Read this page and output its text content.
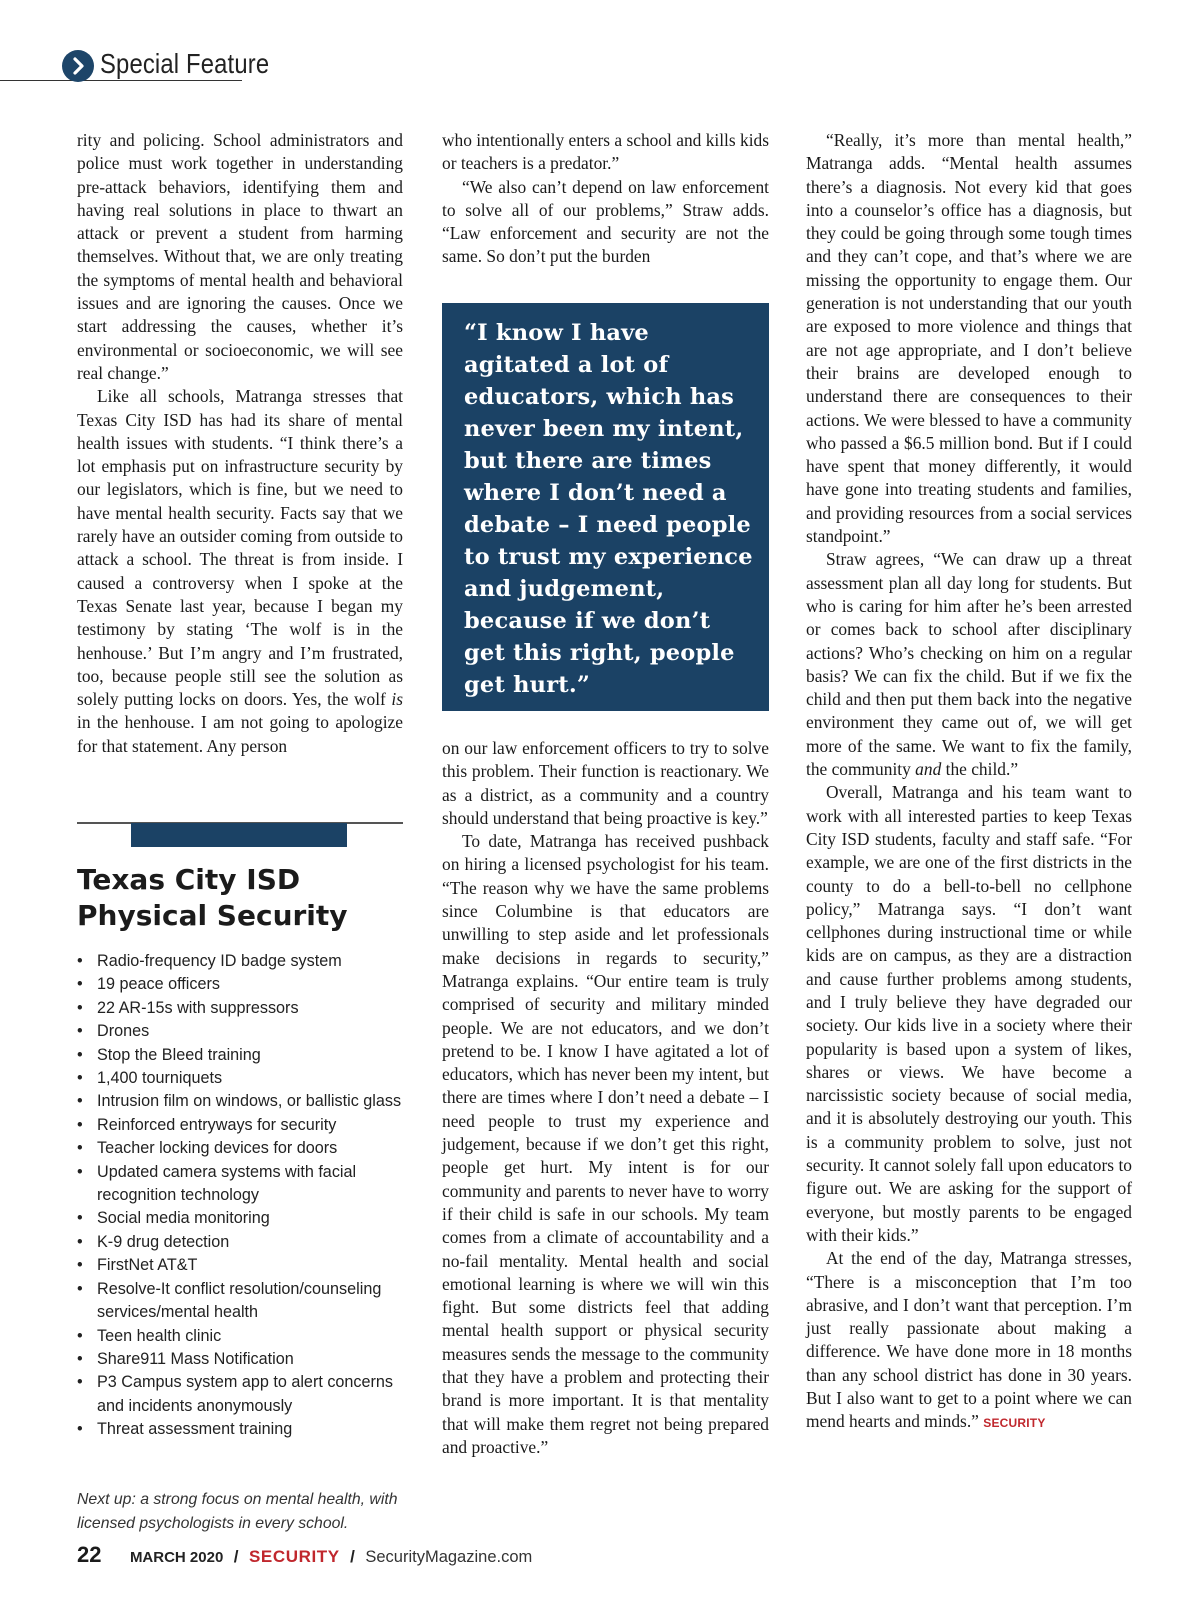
Special Feature

rity and policing. School administrators and police must work together in understanding pre-attack behaviors, identifying them and having real solutions in place to thwart an attack or prevent a student from harming themselves. Without that, we are only treating the symptoms of mental health and behavioral issues and are ignoring the causes. Once we start addressing the causes, whether it’s environmental or socioeconomic, we will see real change.”

Like all schools, Matranga stresses that Texas City ISD has had its share of mental health issues with students. “I think there’s a lot emphasis put on infrastructure security by our legislators, which is fine, but we need to have mental health security. Facts say that we rarely have an outsider coming from outside to attack a school. The threat is from inside. I caused a controversy when I spoke at the Texas Senate last year, because I began my testimony by stating ‘The wolf is in the henhouse.’ But I’m angry and I’m frustrated, too, because people still see the solution as solely putting locks on doors. Yes, the wolf is in the henhouse. I am not going to apologize for that statement. Any person

who intentionally enters a school and kills kids or teachers is a predator.”

“We also can’t depend on law enforcement to solve all of our problems,” Straw adds. “Law enforcement and security are not the same. So don’t put the burden

“I know I have agitated a lot of educators, which has never been my intent, but there are times where I don’t need a debate – I need people to trust my experience and judgement, because if we don’t get this right, people get hurt.”

on our law enforcement officers to try to solve this problem. Their function is reactionary. We as a district, as a community and a country should understand that being proactive is key.”

To date, Matranga has received pushback on hiring a licensed psychologist for his team. “The reason why we have the same problems since Columbine is that educators are unwilling to step aside and let professionals make decisions in regards to security,” Matranga explains. “Our entire team is truly comprised of security and military minded people. We are not educators, and we don’t pretend to be. I know I have agitated a lot of educators, which has never been my intent, but there are times where I don’t need a debate – I need people to trust my experience and judgement, because if we don’t get this right, people get hurt. My intent is for our community and parents to never have to worry if their child is safe in our schools. My team comes from a climate of accountability and a no-fail mentality. Mental health and social emotional learning is where we will win this fight. But some districts feel that adding mental health support or physical security measures sends the message to the community that they have a problem and protecting their brand is more important. It is that mentality that will make them regret not being prepared and proactive.”

“Really, it’s more than mental health,” Matranga adds. “Mental health assumes there’s a diagnosis. Not every kid that goes into a counselor’s office has a diagnosis, but they could be going through some tough times and they can’t cope, and that’s where we are missing the opportunity to engage them. Our generation is not understanding that our youth are exposed to more violence and things that are not age appropriate, and I don’t believe their brains are developed enough to understand there are consequences to their actions. We were blessed to have a community who passed a $6.5 million bond. But if I could have spent that money differently, it would have gone into treating students and families, and providing resources from a social services standpoint.”

Straw agrees, “We can draw up a threat assessment plan all day long for students. But who is caring for him after he’s been arrested or comes back to school after disciplinary actions? Who’s checking on him on a regular basis? We can fix the child. But if we fix the child and then put them back into the negative environment they came out of, we will get more of the same. We want to fix the family, the community and the child.”

Overall, Matranga and his team want to work with all interested parties to keep Texas City ISD students, faculty and staff safe. “For example, we are one of the first districts in the county to do a bell-to-bell no cellphone policy,” Matranga says. “I don’t want cellphones during instructional time or while kids are on campus, as they are a distraction and cause further problems among students, and I truly believe they have degraded our society. Our kids live in a society where their popularity is based upon a system of likes, shares or views. We have become a narcissistic society because of social media, and it is absolutely destroying our youth. This is a community problem to solve, just not security. It cannot solely fall upon educators to figure out. We are asking for the support of everyone, but mostly parents to be engaged with their kids.”

At the end of the day, Matranga stresses, “There is a misconception that I’m too abrasive, and I don’t want that perception. I’m just really passionate about making a difference. We have done more in 18 months than any school district has done in 30 years. But I also want to get to a point where we can mend hearts and minds.” SECURITY

Texas City ISD Physical Security
• Radio-frequency ID badge system
• 19 peace officers
• 22 AR-15s with suppressors
• Drones
• Stop the Bleed training
• 1,400 tourniquets
• Intrusion film on windows, or ballistic glass
• Reinforced entryways for security
• Teacher locking devices for doors
• Updated camera systems with facial recognition technology
• Social media monitoring
• K-9 drug detection
• FirstNet AT&T
• Resolve-It conflict resolution/counseling services/mental health
• Teen health clinic
• Share911 Mass Notification
• P3 Campus system app to alert concerns and incidents anonymously
• Threat assessment training
Next up: a strong focus on mental health, with licensed psychologists in every school.
22 MARCH 2020 / SECURITY / SecurityMagazine.com
